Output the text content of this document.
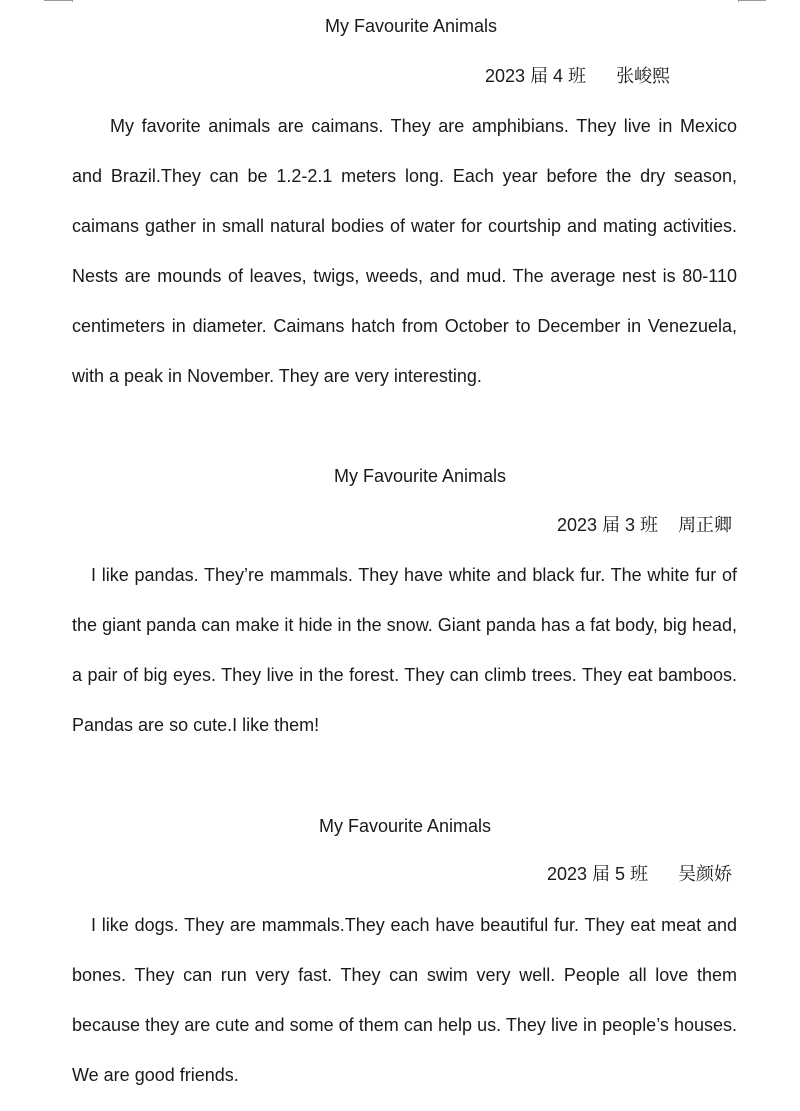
My Favourite Animals
2023 届 4 班 张峻熙

My favorite animals are caimans. They are amphibians. They live in Mexico and Brazil.They can be 1.2-2.1 meters long. Each year before the dry season, caimans gather in small natural bodies of water for courtship and mating activities. Nests are mounds of leaves, twigs, weeds, and mud. The average nest is 80-110 centimeters in diameter. Caimans hatch from October to December in Venezuela, with a peak in November. They are very interesting.

My Favourite Animals
2023 届 3 班 周正卿

I like pandas. They’re mammals. They have white and black fur. The white fur of the giant panda can make it hide in the snow. Giant panda has a fat body, big head, a pair of big eyes. They live in the forest. They can climb trees. They eat bamboos. Pandas are so cute.I like them!

My Favourite Animals
2023 届 5 班 吴颜娇

I like dogs. They are mammals.They each have beautiful fur. They eat meat and bones. They can run very fast. They can swim very well. People all love them because they are cute and some of them can help us. They live in people’s houses. We are good friends.
